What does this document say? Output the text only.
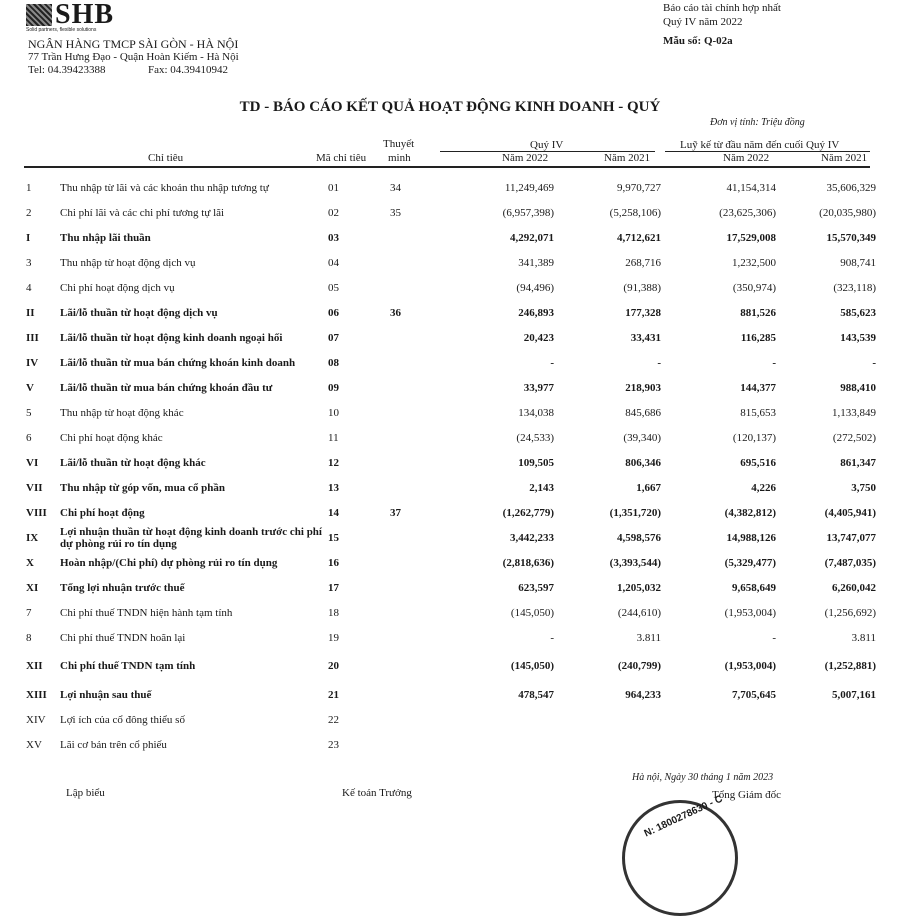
SHB
Solid partners, flexible solutions
NGÂN HÀNG TMCP SÀI GÒN - HÀ NỘI
77 Trần Hưng Đạo - Quận Hoàn Kiếm - Hà Nội
Tel: 04.39423388	Fax: 04.39410942
Báo cáo tài chính hợp nhất
Quý IV năm 2022
Mẫu số: Q-02a
TD - BÁO CÁO KẾT QUẢ HOẠT ĐỘNG KINH DOANH - QUÝ
Đơn vị tính: Triệu đồng
Chỉ tiêu	Mã chỉ tiêu
Thuyết
minh
Quý IV	Luỹ kế từ đầu năm đến cuối Quý IV
Năm 2022	Năm 2021	Năm 2022	Năm 2021
1	Thu nhập từ lãi và các khoản thu nhập tương tự	01	34	11,249,469	9,970,727	41,154,314	35,606,329
2	Chi phí lãi và các chi phí tương tự lãi	02	35	(6,957,398)	(5,258,106)	(23,625,306)	(20,035,980)
I	Thu nhập lãi thuần	03		4,292,071	4,712,621	17,529,008	15,570,349
3	Thu nhập từ hoạt động dịch vụ	04		341,389	268,716	1,232,500	908,741
4	Chi phí hoạt động dịch vụ	05		(94,496)	(91,388)	(350,974)	(323,118)
II	Lãi/lỗ thuần từ hoạt động dịch vụ	06	36	246,893	177,328	881,526	585,623
III	Lãi/lỗ thuần từ hoạt động kinh doanh ngoại hối	07		20,423	33,431	116,285	143,539
IV	Lãi/lỗ thuần từ mua bán chứng khoán kinh doanh	08		-	-	-	-
V	Lãi/lỗ thuần từ mua bán chứng khoán đầu tư	09		33,977	218,903	144,377	988,410
5	Thu nhập từ hoạt động khác	10		134,038	845,686	815,653	1,133,849
6	Chi phí hoạt động khác	11		(24,533)	(39,340)	(120,137)	(272,502)
VI	Lãi/lỗ thuần từ hoạt động khác	12		109,505	806,346	695,516	861,347
VII	Thu nhập từ góp vốn, mua cổ phần	13		2,143	1,667	4,226	3,750
VIII	Chi phí hoạt động	14	37	(1,262,779)	(1,351,720)	(4,382,812)	(4,405,941)
IX	Lợi nhuận thuần từ hoạt động kinh doanh trước chi phí dự phòng rủi ro tín dụng	15		3,442,233	4,598,576	14,988,126	13,747,077
X	Hoàn nhập/(Chi phí) dự phòng rủi ro tín dụng	16		(2,818,636)	(3,393,544)	(5,329,477)	(7,487,035)
XI	Tổng lợi nhuận trước thuế	17		623,597	1,205,032	9,658,649	6,260,042
7	Chi phí thuế TNDN hiện hành tạm tính	18		(145,050)	(244,610)	(1,953,004)	(1,256,692)
8	Chi phí thuế TNDN hoãn lại	19		-	3.811	-	3.811
XII	Chi phí thuế TNDN tạm tính	20		(145,050)	(240,799)	(1,953,004)	(1,252,881)
XIII	Lợi nhuận sau thuế	21		478,547	964,233	7,705,645	5,007,161
XIV	Lợi ích của cổ đông thiểu số	22					
XV	Lãi cơ bản trên cổ phiếu	23					
Lập biểu	Kế toán Trưởng
Hà nội, Ngày 30 tháng 1 năm 2023
Tổng Giám đốc
N: 1800278630 - C
